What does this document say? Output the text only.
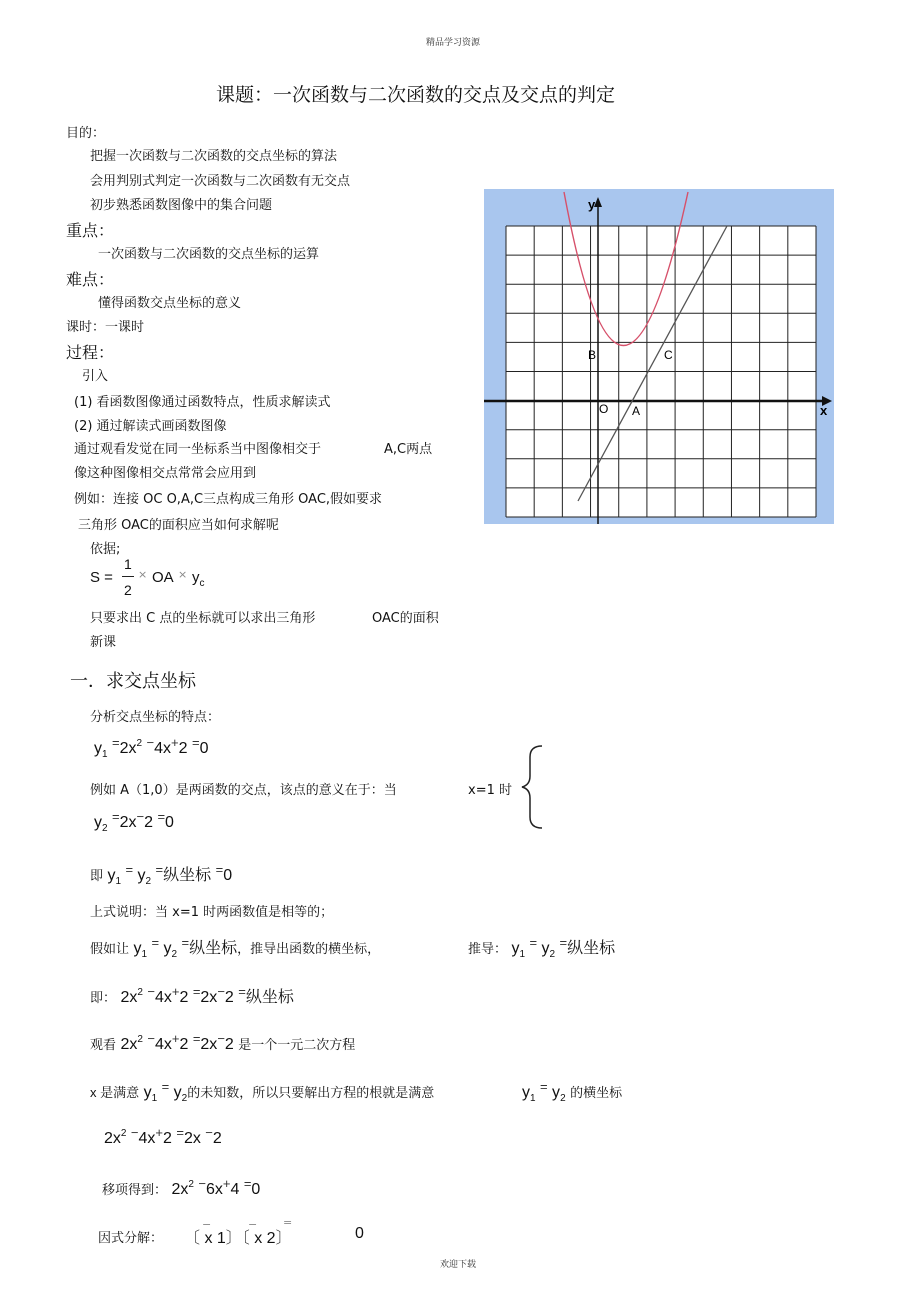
精品学习资源
欢迎下载
课题：一次函数与二次函数的交点及交点的判定
目的：
把握一次函数与二次函数的交点坐标的算法
会用判别式判定一次函数与二次函数有无交点
初步熟悉函数图像中的集合问题
重点：
一次函数与二次函数的交点坐标的运算
难点：
懂得函数交点坐标的意义
课时：一课时
过程：
引入
(1) 看函数图像通过函数特点，性质求解读式
(2) 通过解读式画函数图像
通过观看发觉在同一坐标系当中图像相交于	A,C两点
像这种图像相交点常常会应用到
例如：连接 OC O,A,C三点构成三角形 OAC,假如要求
三角形 OAC的面积应当如何求解呢
依据;
S =
1
2
× OA × $y_c$
只要求出 C 点的坐标就可以求出三角形	OAC的面积
新课
x
y
B	C
O A
一．求交点坐标
分析交点坐标的特点：
$y_1$ $^=2x^2$ −4x+2 =0
例如 A（1,0）是两函数的交点，该点的意义在于：当	x=1 时
$y_2$ =2x−2 =0
即 $y_1$ = $y_2$ =纵坐标 =0
上式说明：当 x=1 时两函数值是相等的；
假如让 $y_1$ = $y_2$ =纵坐标，推导出函数的横坐标，	推导： $y_1$ = $y_2$ =纵坐标
即： $2x^2$ −4x+2 =2x−2 =纵坐标
观看 $2x^2$ −4x+2 =2x−2 是一个一元二次方程
x 是满意 $y_1$ = $y_2$的未知数，所以只要解出方程的根就是满意	$y_1$ = $y_2$ 的横坐标
$2x^2$ −4x+2 =2x −2
移项得到： $2x^2$ −6x+4 =0
因式分解： 〔 x 1〕〔 x 2〕
−	− =
0
